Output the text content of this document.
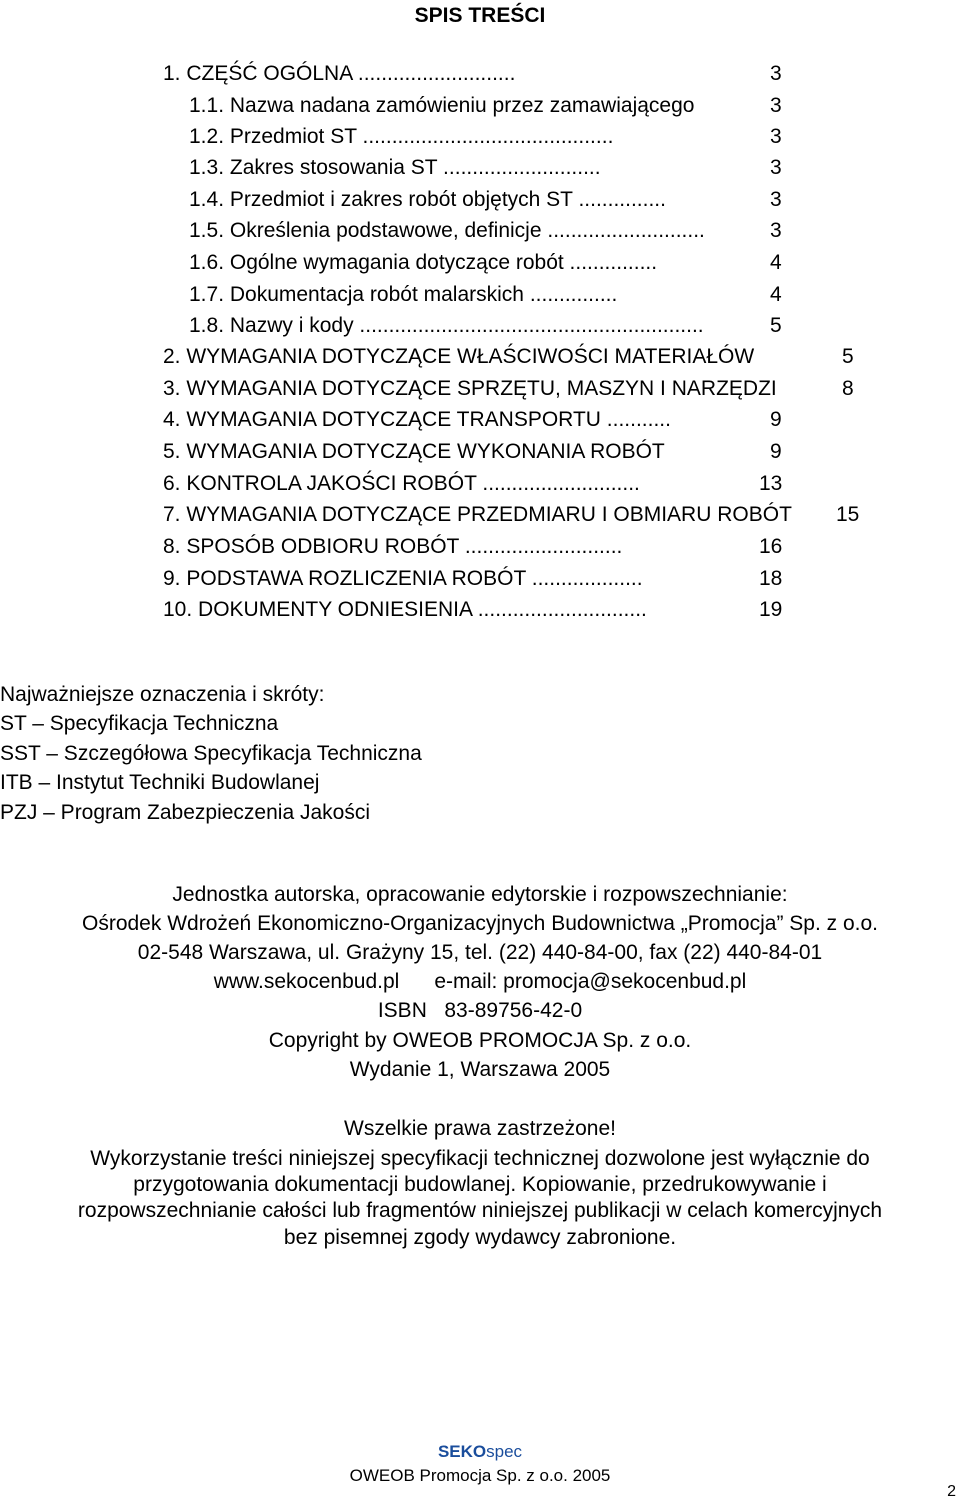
SPIS TREŚCI
1. CZĘŚĆ OGÓLNA ...........................	3
1.1. Nazwa nadana zamówieniu przez zamawiającego	3
1.2. Przedmiot ST ...........................................	3
1.3. Zakres stosowania ST ...........................	3
1.4. Przedmiot i zakres robót objętych ST ...............	3
1.5. Określenia podstawowe, definicje ...........................	3
1.6. Ogólne wymagania dotyczące robót ...............	4
1.7. Dokumentacja robót malarskich ...............	4
1.8. Nazwy i kody ...........................................................	5
2. WYMAGANIA DOTYCZĄCE WŁAŚCIWOŚCI MATERIAŁÓW	5
3. WYMAGANIA DOTYCZĄCE SPRZĘTU, MASZYN I NARZĘDZI	8
4. WYMAGANIA DOTYCZĄCE TRANSPORTU ...........	9
5. WYMAGANIA DOTYCZĄCE WYKONANIA ROBÓT	9
6. KONTROLA JAKOŚCI ROBÓT ...........................	13
7. WYMAGANIA DOTYCZĄCE PRZEDMIARU I OBMIARU ROBÓT 15
8. SPOSÓB ODBIORU ROBÓT ...........................	16
9. PODSTAWA ROZLICZENIA ROBÓT ...................	18
10. DOKUMENTY ODNIESIENIA .............................	19
Najważniejsze oznaczenia i skróty:
ST – Specyfikacja Techniczna
SST – Szczegółowa Specyfikacja Techniczna
ITB – Instytut Techniki Budowlanej
PZJ – Program Zabezpieczenia Jakości
Jednostka autorska, opracowanie edytorskie i rozpowszechnianie:
Ośrodek Wdrożeń Ekonomiczno-Organizacyjnych Budownictwa „Promocja” Sp. z o.o.
02-548 Warszawa, ul. Grażyny 15, tel. (22) 440-84-00, fax (22) 440-84-01
www.sekocenbud.pl      e-mail: promocja@sekocenbud.pl
ISBN   83-89756-42-0
Copyright by OWEOB PROMOCJA Sp. z o.o.
Wydanie 1, Warszawa 2005
Wszelkie prawa zastrzeżone!
Wykorzystanie treści niniejszej specyfikacji technicznej dozwolone jest wyłącznie do
przygotowania dokumentacji budowlanej. Kopiowanie, przedrukowywanie i
rozpowszechnianie całości lub fragmentów niniejszej publikacji w celach komercyjnych
bez pisemnej zgody wydawcy zabronione.
SEKOspec
OWEOB Promocja Sp. z o.o. 2005
2
